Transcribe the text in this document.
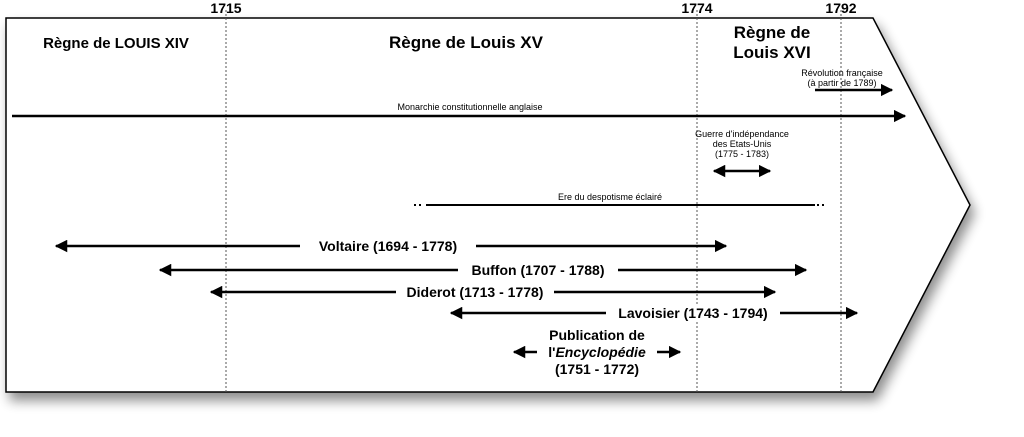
1715	1774	1792
Règne de LOUIS XIV	Règne de Louis XV
Règne de
Louis XVI
Révolution française
(à partir de 1789)
Monarchie constitutionnelle anglaise
Guerre d'indépendance
des Etats-Unis
(1775 - 1783)
Ere du despotisme éclairé
Voltaire (1694 - 1778)
Buffon (1707 - 1788)
Diderot (1713 - 1778)
Lavoisier (1743 - 1794)
Publication de
l'Encyclopédie
(1751 - 1772)
